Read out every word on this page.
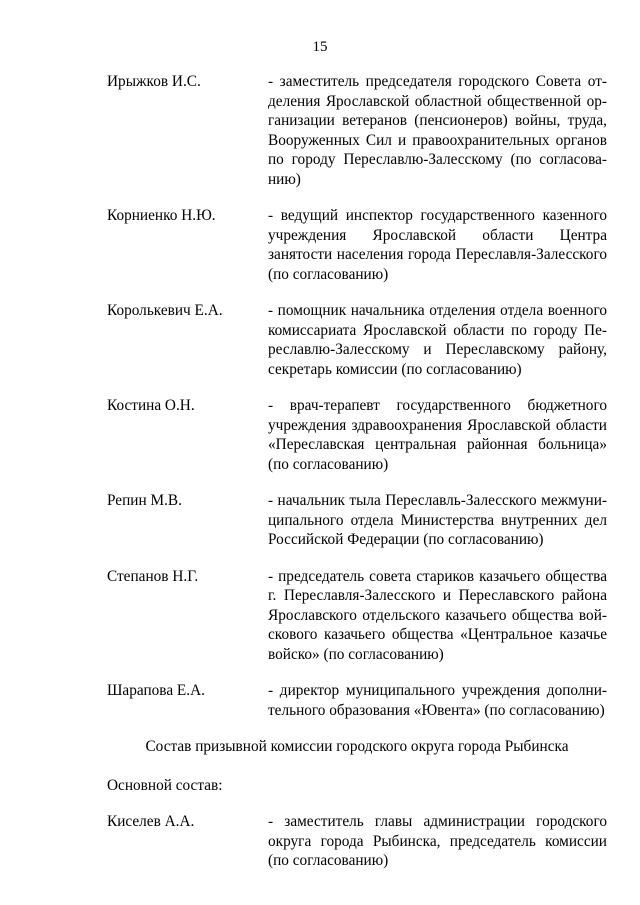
15
Ирыжков И.С.	- заместитель председателя городского Совета отделения Ярославской областной общественной организации ветеранов (пенсионеров) войны, труда, Вооруженных Сил и правоохранительных органов по городу Переславлю-Залесскому (по согласованию)
Корниенко Н.Ю.	- ведущий инспектор государственного казенного учреждения Ярославской области Центра занятости населения города Переславля-Залесского (по согласованию)
Королькевич Е.А.	- помощник начальника отделения отдела военного комиссариата Ярославской области по городу Переславлю-Залесскому и Переславскому району, секретарь комиссии (по согласованию)
Костина О.Н.	- врач-терапевт государственного бюджетного учреждения здравоохранения Ярославской области «Переславская центральная районная больница» (по согласованию)
Репин М.В.	- начальник тыла Переславль-Залесского межмуниципального отдела Министерства внутренних дел Российской Федерации (по согласованию)
Степанов Н.Г.	- председатель совета стариков казачьего общества г. Переславля-Залесского и Переславского района Ярославского отдельского казачьего общества войскового казачьего общества «Центральное казачье войско» (по согласованию)
Шарапова Е.А.	- директор муниципального учреждения дополнительного образования «Ювента» (по согласованию)
Состав призывной комиссии городского округа города Рыбинска
Основной состав:
Киселев А.А.	- заместитель главы администрации городского округа города Рыбинска, председатель комиссии (по согласованию)
